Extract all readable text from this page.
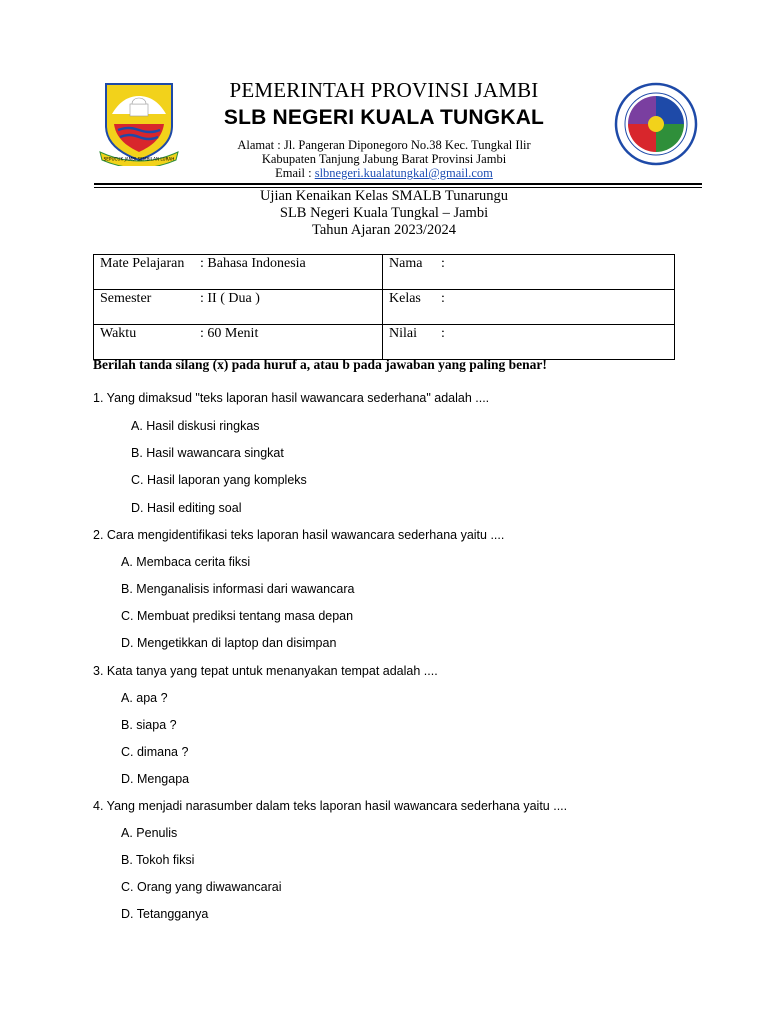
SEPUCUK JAMBI SEMBILAN LURAH
PEMERINTAH PROVINSI JAMBI
SLB NEGERI KUALA TUNGKAL
Alamat : Jl. Pangeran Diponegoro No.38 Kec. Tungkal Ilir
Kabupaten Tanjung Jabung Barat Provinsi Jambi
Email : slbnegeri.kualatungkal@gmail.com
Ujian Kenaikan Kelas SMALB Tunarungu
SLB Negeri Kuala Tungkal – Jambi
Tahun Ajaran 2023/2024
Mate Pelajaran : Bahasa Indonesia	Nama :
Semester : II ( Dua )	Kelas :
Waktu : 60 Menit	Nilai :
Berilah tanda silang (x) pada huruf a, atau b pada jawaban yang paling benar!
1. Yang dimaksud "teks laporan hasil wawancara sederhana" adalah ....
A. Hasil diskusi ringkas
B. Hasil wawancara singkat
C. Hasil laporan yang kompleks
D. Hasil editing soal
2. Cara mengidentifikasi teks laporan hasil wawancara sederhana yaitu ....
A. Membaca cerita fiksi
B. Menganalisis informasi dari wawancara
C. Membuat prediksi tentang masa depan
D. Mengetikkan di laptop dan disimpan
3. Kata tanya yang tepat untuk menanyakan tempat adalah ....
A. apa ?
B. siapa ?
C. dimana ?
D. Mengapa
4. Yang menjadi narasumber dalam teks laporan hasil wawancara sederhana yaitu ....
A. Penulis
B. Tokoh fiksi
C. Orang yang diwawancarai
D. Tetangganya
